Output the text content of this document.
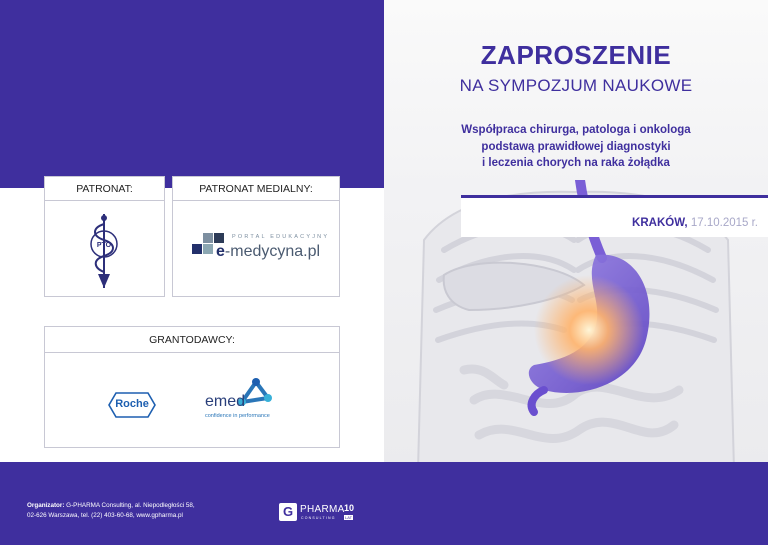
PATRONAT:
PTO
PATRONAT MEDIALNY:
PORTAL EDUKACYJNY
e-medycyna.pl
GRANTODAWCY:
Roche	emed
confidence in performance
Organizator: G-PHARMA Consulting, al. Niepodległości 58,
02-626 Warszawa, tel. (22) 403-60-68, www.gpharma.pl	G PHARMA
CONSULTING
10
LAT
KRAKÓW, 17.10.2015 r.
ZAPROSZENIE
NA SYMPOZJUM NAUKOWE
Współpraca chirurga, patologa i onkologa
podstawą prawidłowej diagnostyki
i leczenia chorych na raka żołądka
